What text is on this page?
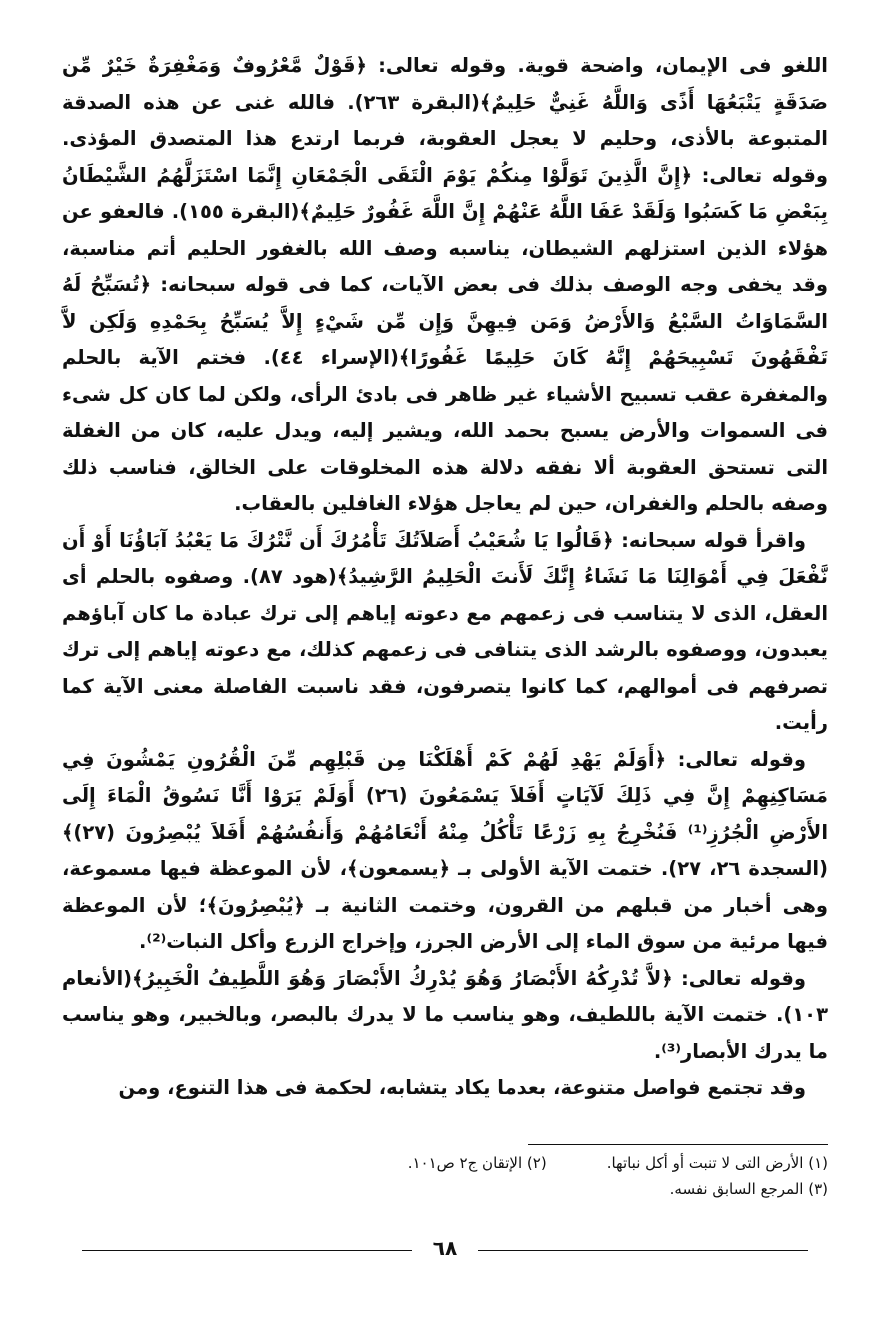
اللغو فى الإيمان، واضحة قوية. وقوله تعالى: ﴿قَوْلٌ مَّعْرُوفٌ وَمَغْفِرَةٌ خَيْرٌ مِّن صَدَقَةٍ يَتْبَعُهَا أَذًى وَاللَّهُ غَنِيٌّ حَلِيمٌ﴾(البقرة ٢٦٣). فالله غنى عن هذه الصدقة المتبوعة بالأذى، وحليم لا يعجل العقوبة، فربما ارتدع هذا المتصدق المؤذى. وقوله تعالى: ﴿إِنَّ الَّذِينَ تَوَلَّوْا مِنكُمْ يَوْمَ الْتَقَى الْجَمْعَانِ إِنَّمَا اسْتَزَلَّهُمُ الشَّيْطَانُ بِبَعْضِ مَا كَسَبُوا وَلَقَدْ عَفَا اللَّهُ عَنْهُمْ إِنَّ اللَّهَ غَفُورٌ حَلِيمٌ﴾(البقرة ١٥٥). فالعفو عن هؤلاء الذين استزلهم الشيطان، يناسبه وصف الله بالغفور الحليم أتم مناسبة، وقد يخفى وجه الوصف بذلك فى بعض الآيات، كما فى قوله سبحانه: ﴿تُسَبِّحُ لَهُ السَّمَاوَاتُ السَّبْعُ وَالأَرْضُ وَمَن فِيهِنَّ وَإِن مِّن شَيْءٍ إِلاَّ يُسَبِّحُ بِحَمْدِهِ وَلَكِن لاَّ تَفْقَهُونَ تَسْبِيحَهُمْ إِنَّهُ كَانَ حَلِيمًا غَفُورًا﴾(الإسراء ٤٤). فختم الآية بالحلم والمغفرة عقب تسبيح الأشياء غير ظاهر فى بادئ الرأى، ولكن لما كان كل شىء فى السموات والأرض يسبح بحمد الله، ويشير إليه، ويدل عليه، كان من الغفلة التى تستحق العقوبة ألا نفقه دلالة هذه المخلوقات على الخالق، فناسب ذلك وصفه بالحلم والغفران، حين لم يعاجل هؤلاء الغافلين بالعقاب.

واقرأ قوله سبحانه: ﴿قَالُوا يَا شُعَيْبُ أَصَلاَتُكَ تَأْمُرُكَ أَن نَّتْرُكَ مَا يَعْبُدُ آبَاؤُنَا أَوْ أَن نَّفْعَلَ فِي أَمْوَالِنَا مَا نَشَاءُ إِنَّكَ لَأَنتَ الْحَلِيمُ الرَّشِيدُ﴾(هود ٨٧). وصفوه بالحلم أى العقل، الذى لا يتناسب فى زعمهم مع دعوته إياهم إلى ترك عبادة ما كان آباؤهم يعبدون، ووصفوه بالرشد الذى يتنافى فى زعمهم كذلك، مع دعوته إياهم إلى ترك تصرفهم فى أموالهم، كما كانوا يتصرفون، فقد ناسبت الفاصلة معنى الآية كما رأيت.

وقوله تعالى: ﴿أَوَلَمْ يَهْدِ لَهُمْ كَمْ أَهْلَكْنَا مِن قَبْلِهِم مِّنَ الْقُرُونِ يَمْشُونَ فِي مَسَاكِنِهِمْ إِنَّ فِي ذَلِكَ لَآيَاتٍ أَفَلاَ يَسْمَعُونَ (٢٦) أَوَلَمْ يَرَوْا أَنَّا نَسُوقُ الْمَاءَ إِلَى الأَرْضِ الْجُرُزِ⁽¹⁾ فَنُخْرِجُ بِهِ زَرْعًا تَأْكُلُ مِنْهُ أَنْعَامُهُمْ وَأَنفُسُهُمْ أَفَلاَ يُبْصِرُونَ (٢٧)﴾(السجدة ٢٦، ٢٧). ختمت الآية الأولى بـ ﴿يسمعون﴾، لأن الموعظة فيها مسموعة، وهى أخبار من قبلهم من القرون، وختمت الثانية بـ ﴿يُبْصِرُونَ﴾؛ لأن الموعظة فيها مرئية من سوق الماء إلى الأرض الجرز، وإخراج الزرع وأكل النبات⁽²⁾.

وقوله تعالى: ﴿لاَّ تُدْرِكُهُ الأَبْصَارُ وَهُوَ يُدْرِكُ الأَبْصَارَ وَهُوَ اللَّطِيفُ الْخَبِيرُ﴾(الأنعام ١٠٣). ختمت الآية باللطيف، وهو يناسب ما لا يدرك بالبصر، وبالخبير، وهو يناسب ما يدرك الأبصار⁽³⁾.

وقد تجتمع فواصل متنوعة، بعدما يكاد يتشابه، لحكمة فى هذا التنوع، ومن

(١) الأرض التى لا تنبت أو أكل نباتها.
(٢) الإتقان ج٢ ص١٠١.
(٣) المرجع السابق نفسه.
٦٨
